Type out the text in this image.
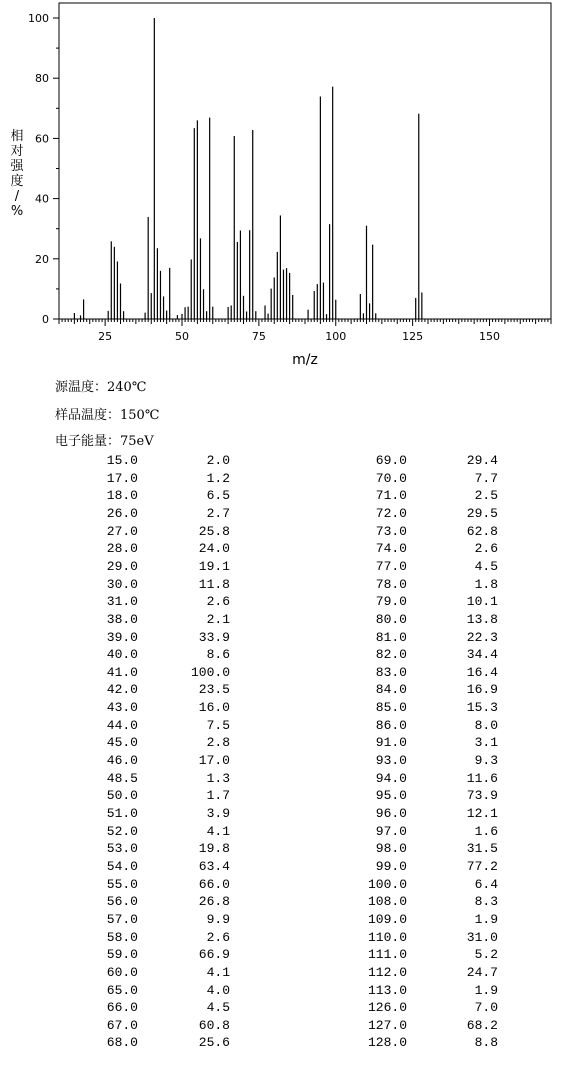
0
20
40
60
80
100
25	50	75	100	125	150
m/z
相
对
强
度
/
%
源温度：240℃
样品温度：150℃
电子能量：75eV
15.0	2.0
17.0	1.2
18.0	6.5
26.0	2.7
27.0	25.8
28.0	24.0
29.0	19.1
30.0	11.8
31.0	2.6
38.0	2.1
39.0	33.9
40.0	8.6
41.0	100.0
42.0	23.5
43.0	16.0
44.0	7.5
45.0	2.8
46.0	17.0
48.5	1.3
50.0	1.7
51.0	3.9
52.0	4.1
53.0	19.8
54.0	63.4
55.0	66.0
56.0	26.8
57.0	9.9
58.0	2.6
59.0	66.9
60.0	4.1
65.0	4.0
66.0	4.5
67.0	60.8
68.0	25.6
69.0	29.4
70.0	7.7
71.0	2.5
72.0	29.5
73.0	62.8
74.0	2.6
77.0	4.5
78.0	1.8
79.0	10.1
80.0	13.8
81.0	22.3
82.0	34.4
83.0	16.4
84.0	16.9
85.0	15.3
86.0	8.0
91.0	3.1
93.0	9.3
94.0	11.6
95.0	73.9
96.0	12.1
97.0	1.6
98.0	31.5
99.0	77.2
100.0	6.4
108.0	8.3
109.0	1.9
110.0	31.0
111.0	5.2
112.0	24.7
113.0	1.9
126.0	7.0
127.0	68.2
128.0	8.8
